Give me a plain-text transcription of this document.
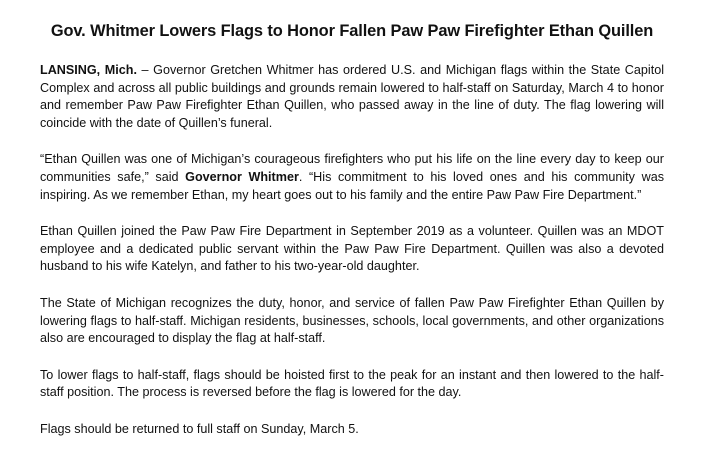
Gov. Whitmer Lowers Flags to Honor Fallen Paw Paw Firefighter Ethan Quillen

LANSING, Mich. – Governor Gretchen Whitmer has ordered U.S. and Michigan flags within the State Capitol Complex and across all public buildings and grounds remain lowered to half-staff on Saturday, March 4 to honor and remember Paw Paw Firefighter Ethan Quillen, who passed away in the line of duty. The flag lowering will coincide with the date of Quillen’s funeral.

“Ethan Quillen was one of Michigan’s courageous firefighters who put his life on the line every day to keep our communities safe,” said Governor Whitmer. “His commitment to his loved ones and his community was inspiring. As we remember Ethan, my heart goes out to his family and the entire Paw Paw Fire Department.”

Ethan Quillen joined the Paw Paw Fire Department in September 2019 as a volunteer. Quillen was an MDOT employee and a dedicated public servant within the Paw Paw Fire Department. Quillen was also a devoted husband to his wife Katelyn, and father to his two-year-old daughter.

The State of Michigan recognizes the duty, honor, and service of fallen Paw Paw Firefighter Ethan Quillen by lowering flags to half-staff. Michigan residents, businesses, schools, local governments, and other organizations also are encouraged to display the flag at half-staff.

To lower flags to half-staff, flags should be hoisted first to the peak for an instant and then lowered to the half-staff position. The process is reversed before the flag is lowered for the day.

Flags should be returned to full staff on Sunday, March 5.
